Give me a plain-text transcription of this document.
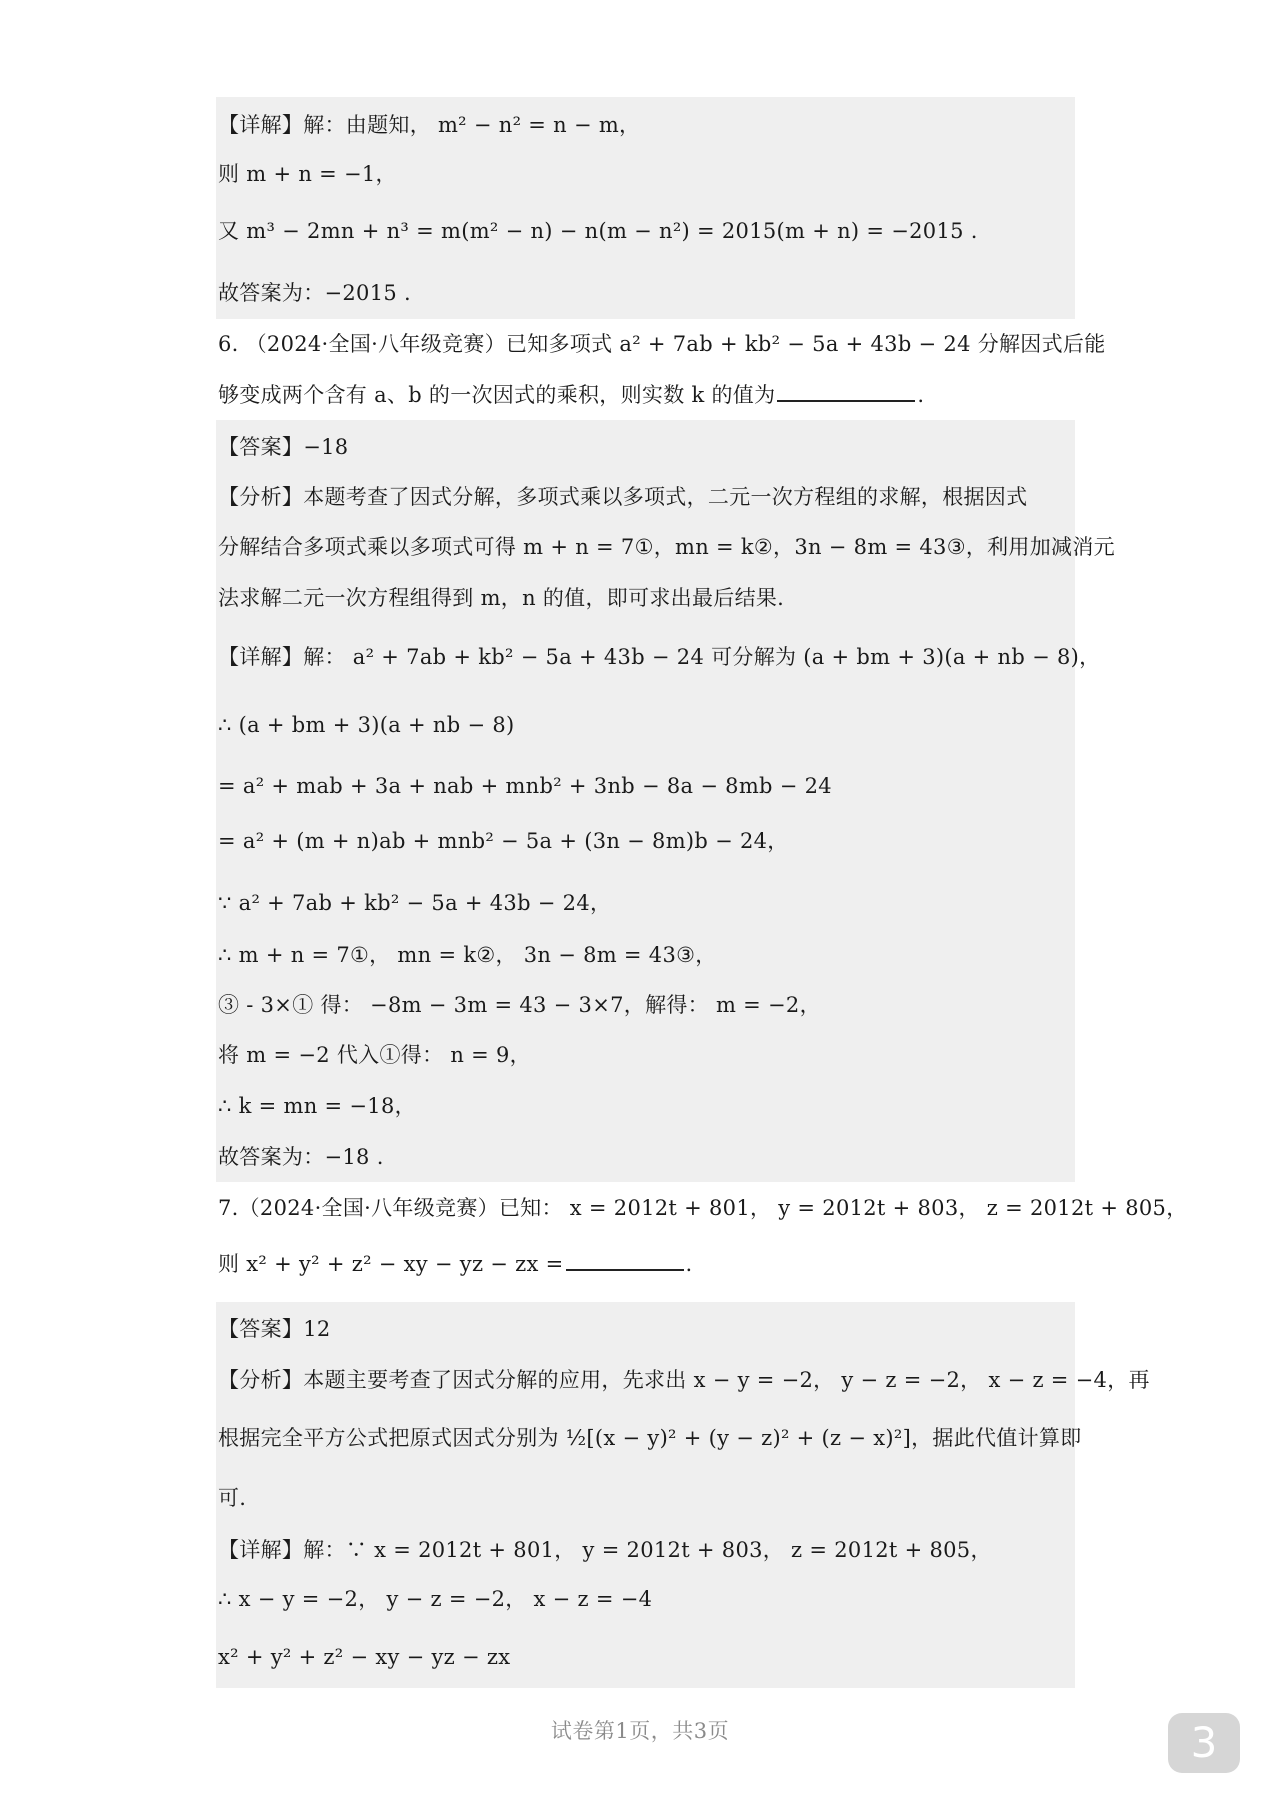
【详解】解：由题知， m² − n² = n − m，
则 m + n = −1，
又 m³ − 2mn + n³ = m(m² − n) − n(m − n²) = 2015(m + n) = −2015 .
故答案为：−2015 .
6. （2024·全国·八年级竞赛）已知多项式 a² + 7ab + kb² − 5a + 43b − 24 分解因式后能
够变成两个含有 a、b 的一次因式的乘积，则实数 k 的值为	.
【答案】−18
【分析】本题考查了因式分解，多项式乘以多项式，二元一次方程组的求解，根据因式
分解结合多项式乘以多项式可得 m + n = 7①，mn = k②，3n − 8m = 43③，利用加减消元
法求解二元一次方程组得到 m，n 的值，即可求出最后结果.
【详解】解： a² + 7ab + kb² − 5a + 43b − 24 可分解为 (a + bm + 3)(a + nb − 8)，
∴ (a + bm + 3)(a + nb − 8)
= a² + mab + 3a + nab + mnb² + 3nb − 8a − 8mb − 24
= a² + (m + n)ab + mnb² − 5a + (3n − 8m)b − 24，
∵ a² + 7ab + kb² − 5a + 43b − 24，
∴ m + n = 7①， mn = k②， 3n − 8m = 43③，
③ - 3×① 得： −8m − 3m = 43 − 3×7，解得： m = −2，
将 m = −2 代入①得： n = 9，
∴ k = mn = −18，
故答案为：−18 .
7.（2024·全国·八年级竞赛）已知： x = 2012t + 801， y = 2012t + 803， z = 2012t + 805，
则 x² + y² + z² − xy − yz − zx =	.
【答案】12
【分析】本题主要考查了因式分解的应用，先求出 x − y = −2， y − z = −2， x − z = −4，再
根据完全平方公式把原式因式分别为 ½[(x − y)² + (y − z)² + (z − x)²]，据此代值计算即
可.
【详解】解：∵ x = 2012t + 801， y = 2012t + 803， z = 2012t + 805，
∴ x − y = −2， y − z = −2， x − z = −4
x² + y² + z² − xy − yz − zx
试卷第1页，共3页	3
